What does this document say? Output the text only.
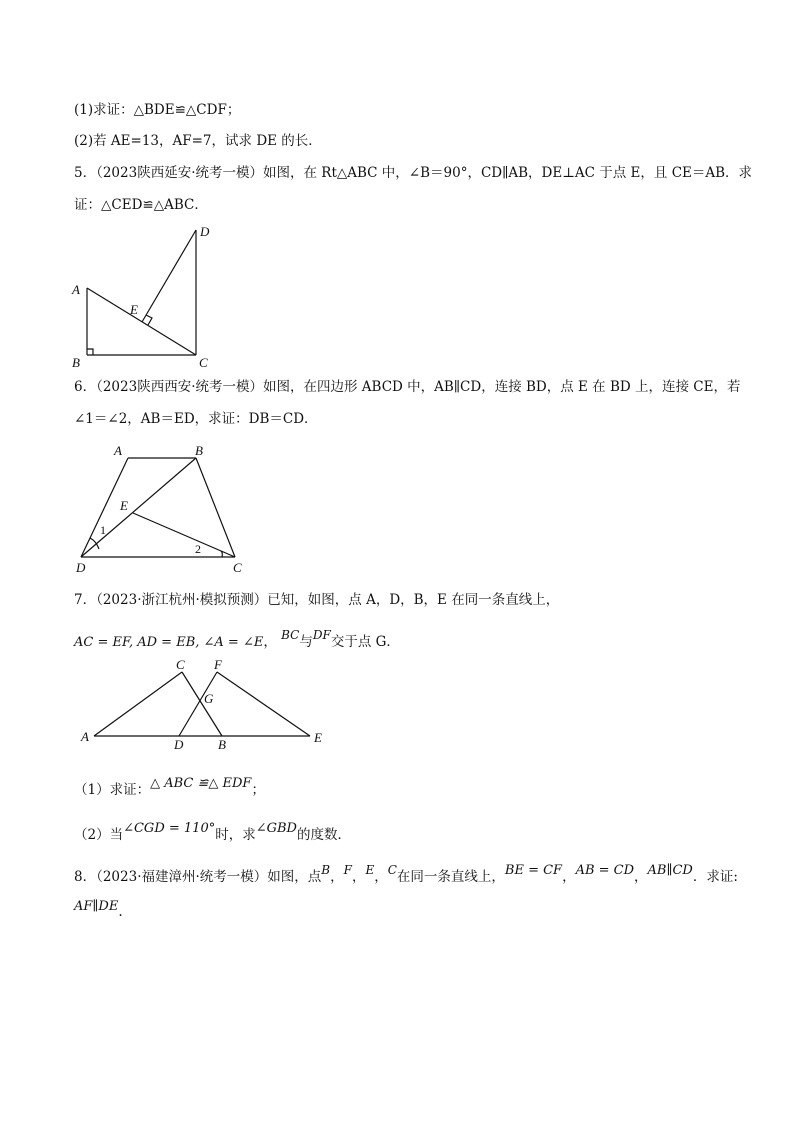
(1)求证：△BDE≌△CDF；
(2)若 AE=13，AF=7，试求 DE 的长．
5．（2023陕西延安·统考一模）如图，在 Rt△ABC 中，∠B＝90°，CD∥AB，DE⊥AC 于点 E，且 CE＝AB．求
证：△CED≌△ABC．
A
B	C
D
E
6．（2023陕西西安·统考一模）如图，在四边形 ABCD 中，AB∥CD，连接 BD，点 E 在 BD 上，连接 CE，若
∠1＝∠2，AB＝ED，求证：DB＝CD．
A	B
C
D
E
1
2
7．（2023·浙江杭州·模拟预测）已知，如图，点 A，D，B，E 在同一条直线上，
AC = EF, AD = EB, ∠A = ∠E， BC与DF交于点 G．
A
D	B	E
C F
G
（1）求证：△ ABC ≌△ EDF；
（2）当∠CGD = 110°时，求∠GBD的度数．
8．（2023·福建漳州·统考一模）如图，点B，F，E，C在同一条直线上，BE = CF，AB = CD，AB∥CD．求证:
AF∥DE.
